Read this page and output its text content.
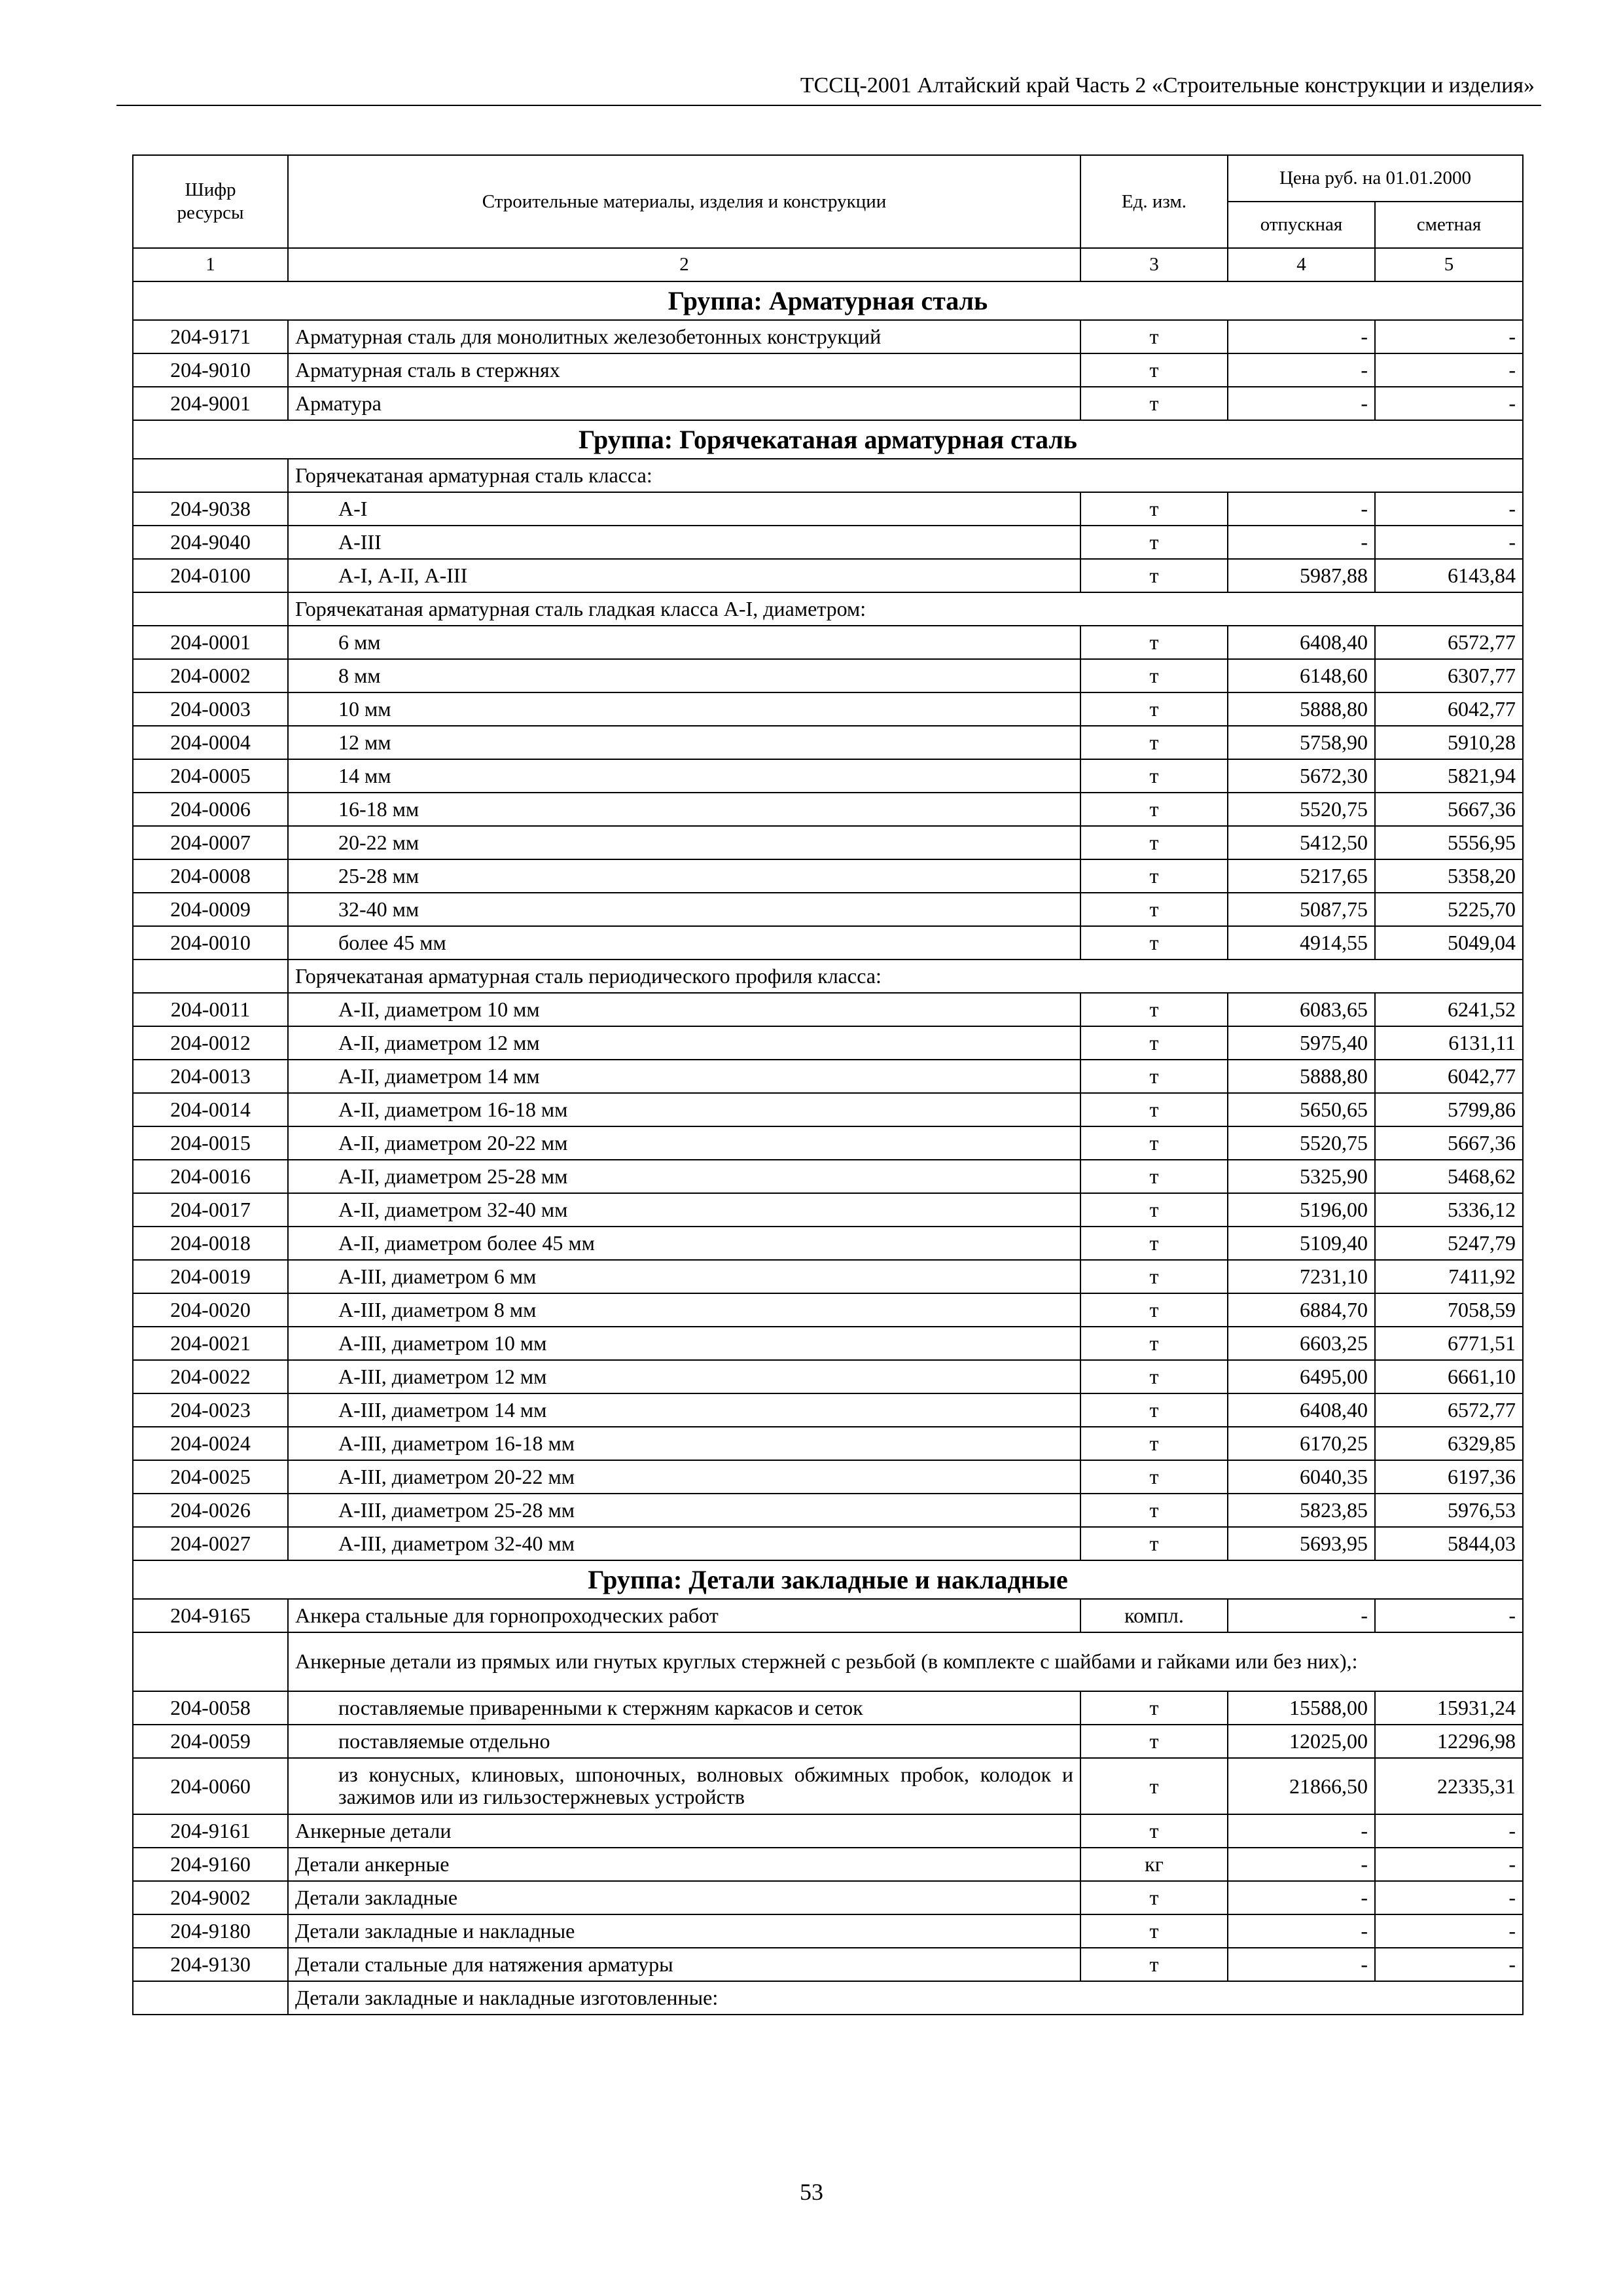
ТССЦ-2001 Алтайский край Часть 2 «Строительные конструкции и изделия»
Шифр ресурсы	Строительные материалы, изделия и конструкции	Ед. изм.	Цена руб. на 01.01.2000	
			отпускная	сметная
1	2	3	4	5
Группа: Арматурная сталь				
204-9171	Арматурная сталь для монолитных железобетонных конструкций	т	-	-
204-9010	Арматурная сталь в стержнях	т	-	-
204-9001	Арматура	т	-	-
Группа: Горячекатаная арматурная сталь				
	Горячекатаная арматурная сталь класса:			
204-9038	А-I	т	-	-
204-9040	А-III	т	-	-
204-0100	А-I, А-II, А-III	т	5987,88	6143,84
	Горячекатаная арматурная сталь гладкая класса А-I, диаметром:			
204-0001	6 мм	т	6408,40	6572,77
204-0002	8 мм	т	6148,60	6307,77
204-0003	10 мм	т	5888,80	6042,77
204-0004	12 мм	т	5758,90	5910,28
204-0005	14 мм	т	5672,30	5821,94
204-0006	16-18 мм	т	5520,75	5667,36
204-0007	20-22 мм	т	5412,50	5556,95
204-0008	25-28 мм	т	5217,65	5358,20
204-0009	32-40 мм	т	5087,75	5225,70
204-0010	более 45 мм	т	4914,55	5049,04
	Горячекатаная арматурная сталь периодического профиля класса:			
204-0011	А-II, диаметром 10 мм	т	6083,65	6241,52
204-0012	А-II, диаметром 12 мм	т	5975,40	6131,11
204-0013	А-II, диаметром 14 мм	т	5888,80	6042,77
204-0014	А-II, диаметром 16-18 мм	т	5650,65	5799,86
204-0015	А-II, диаметром 20-22 мм	т	5520,75	5667,36
204-0016	А-II, диаметром 25-28 мм	т	5325,90	5468,62
204-0017	А-II, диаметром 32-40 мм	т	5196,00	5336,12
204-0018	А-II, диаметром более 45 мм	т	5109,40	5247,79
204-0019	А-III, диаметром 6 мм	т	7231,10	7411,92
204-0020	А-III, диаметром 8 мм	т	6884,70	7058,59
204-0021	А-III, диаметром 10 мм	т	6603,25	6771,51
204-0022	А-III, диаметром 12 мм	т	6495,00	6661,10
204-0023	А-III, диаметром 14 мм	т	6408,40	6572,77
204-0024	А-III, диаметром 16-18 мм	т	6170,25	6329,85
204-0025	А-III, диаметром 20-22 мм	т	6040,35	6197,36
204-0026	А-III, диаметром 25-28 мм	т	5823,85	5976,53
204-0027	А-III, диаметром 32-40 мм	т	5693,95	5844,03
Группа: Детали закладные и накладные				
204-9165	Анкера стальные для горнопроходческих работ	компл.	-	-
	Анкерные детали из прямых или гнутых круглых стержней с резьбой (в комплекте с шайбами и гайками или без них),:			
204-0058	поставляемые приваренными к стержням каркасов и сеток	т	15588,00	15931,24
204-0059	поставляемые отдельно	т	12025,00	12296,98
204-0060	из конусных, клиновых, шпоночных, волновых обжимных пробок, колодок и зажимов или из гильзостержневых устройств	т	21866,50	22335,31
204-9161	Анкерные детали	т	-	-
204-9160	Детали анкерные	кг	-	-
204-9002	Детали закладные	т	-	-
204-9180	Детали закладные и накладные	т	-	-
204-9130	Детали стальные для натяжения арматуры	т	-	-
	Детали закладные и накладные изготовленные:			
53
